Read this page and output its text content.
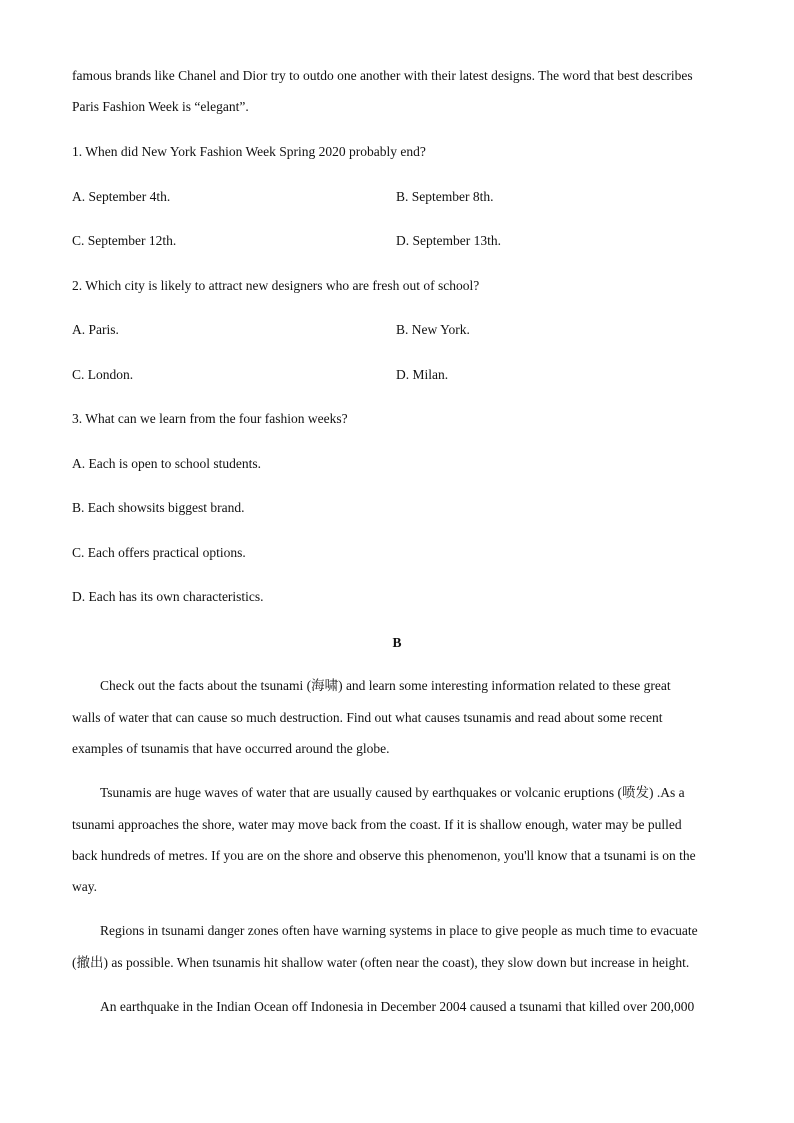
famous brands like Chanel and Dior try to outdo one another with their latest designs. The word that best describes
Paris Fashion Week is “elegant”.
1. When did New York Fashion Week Spring 2020 probably end?
A. September 4th.	B. September 8th.
C. September 12th.	D. September 13th.
2. Which city is likely to attract new designers who are fresh out of school?
A. Paris.	B. New York.
C. London.	D. Milan.
3. What can we learn from the four fashion weeks?
A. Each is open to school students.
B. Each showsits biggest brand.
C. Each offers practical options.
D. Each has its own characteristics.
B
Check out the facts about the tsunami (海啸) and learn some interesting information related to these great
walls of water that can cause so much destruction. Find out what causes tsunamis and read about some recent
examples of tsunamis that have occurred around the globe.
Tsunamis are huge waves of water that are usually caused by earthquakes or volcanic eruptions (喷发) .As a
tsunami approaches the shore, water may move back from the coast. If it is shallow enough, water may be pulled
back hundreds of metres. If you are on the shore and observe this phenomenon, you'll know that a tsunami is on the
way.
Regions in tsunami danger zones often have warning systems in place to give people as much time to evacuate
(撤出) as possible. When tsunamis hit shallow water (often near the coast), they slow down but increase in height.
An earthquake in the Indian Ocean off Indonesia in December 2004 caused a tsunami that killed over 200,000
